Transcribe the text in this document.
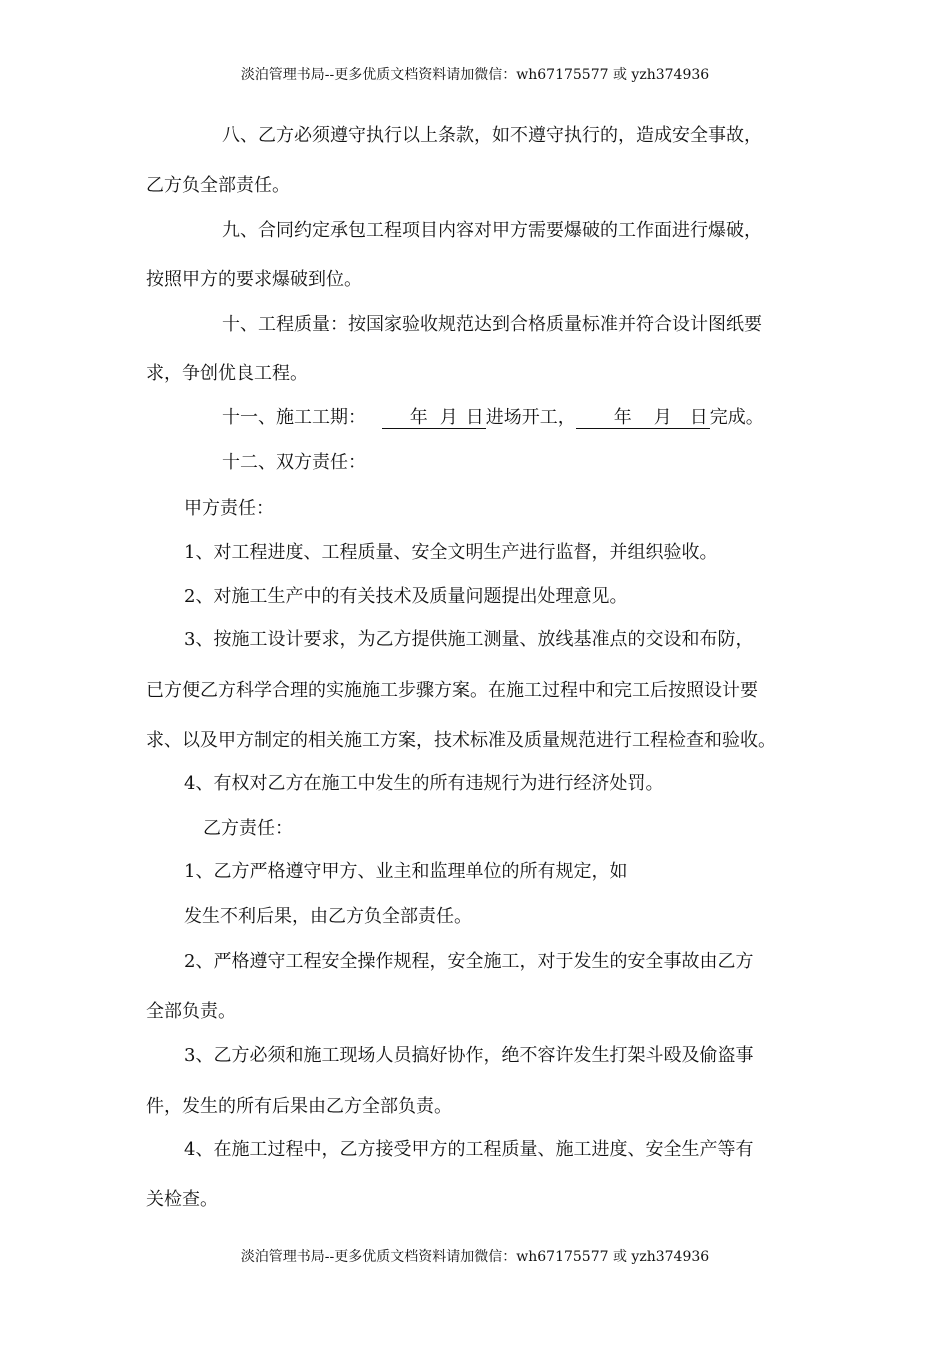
淡泊管理书局--更多优质文档资料请加微信：wh67175577 或 yzh374936
八、乙方必须遵守执行以上条款，如不遵守执行的，造成安全事故，
乙方负全部责任。
九、合同约定承包工程项目内容对甲方需要爆破的工作面进行爆破，
按照甲方的要求爆破到位。
十、工程质量：按国家验收规范达到合格质量标准并符合设计图纸要
求，争创优良工程。
十一、施工工期： 年 月 日 进场开工， 年 月 日 完成。
十二、双方责任：
甲方责任：
1、对工程进度、工程质量、安全文明生产进行监督，并组织验收。
2、对施工生产中的有关技术及质量问题提出处理意见。
3、按施工设计要求，为乙方提供施工测量、放线基准点的交设和布防，
已方便乙方科学合理的实施施工步骤方案。在施工过程中和完工后按照设计要
求、以及甲方制定的相关施工方案，技术标准及质量规范进行工程检查和验收。
4、有权对乙方在施工中发生的所有违规行为进行经济处罚。
乙方责任：
1、乙方严格遵守甲方、业主和监理单位的所有规定，如
发生不利后果，由乙方负全部责任。
2、严格遵守工程安全操作规程，安全施工，对于发生的安全事故由乙方
全部负责。
3、乙方必须和施工现场人员搞好协作，绝不容许发生打架斗殴及偷盗事
件，发生的所有后果由乙方全部负责。
4、在施工过程中，乙方接受甲方的工程质量、施工进度、安全生产等有
关检查。
淡泊管理书局--更多优质文档资料请加微信：wh67175577 或 yzh374936
